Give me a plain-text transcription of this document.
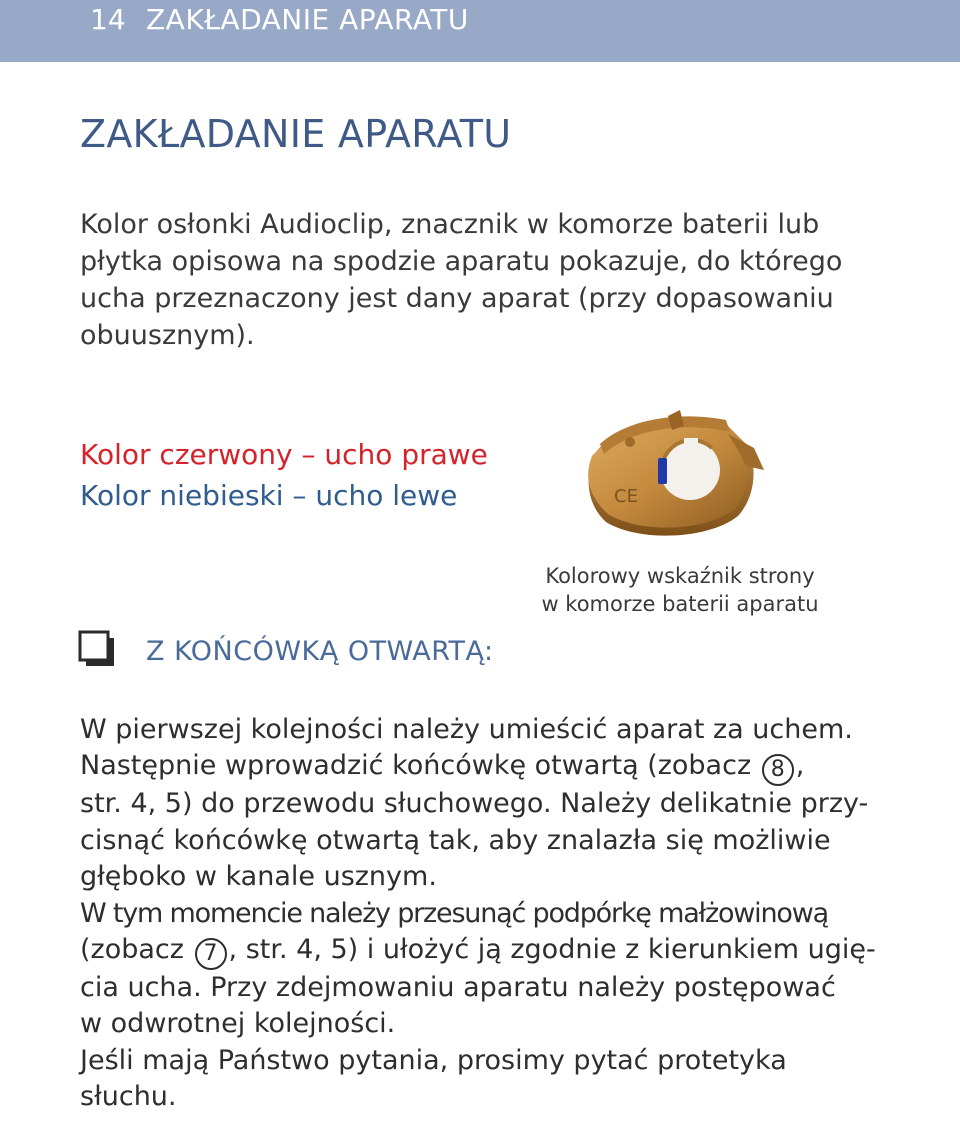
14 ZAKŁADANIE APARATU
ZAKŁADANIE APARATU
Kolor osłonki Audioclip, znacznik w komorze baterii lub
płytka opisowa na spodzie aparatu pokazuje, do którego
ucha przeznaczony jest dany aparat (przy dopasowaniu
obuusznym).
Kolor czerwony – ucho prawe
Kolor niebieski – ucho lewe	CE
Kolorowy wskaźnik strony
w komorze baterii aparatu
Z KOŃCÓWKĄ OTWARTĄ:
W pierwszej kolejności należy umieścić aparat za uchem.
Następnie wprowadzić końcówkę otwartą (zobacz 8 ,
str. 4, 5) do przewodu słuchowego. Należy delikatnie przy-
cisnąć końcówkę otwartą tak, aby znalazła się możliwie
głęboko w kanale usznym.
W tym momencie należy przesunąć podpórkę małżowinową
(zobacz 7 , str. 4, 5) i ułożyć ją zgodnie z kierunkiem ugię-
cia ucha. Przy zdejmowaniu aparatu należy postępować
w odwrotnej kolejności.
Jeśli mają Państwo pytania, prosimy pytać protetyka
słuchu.
